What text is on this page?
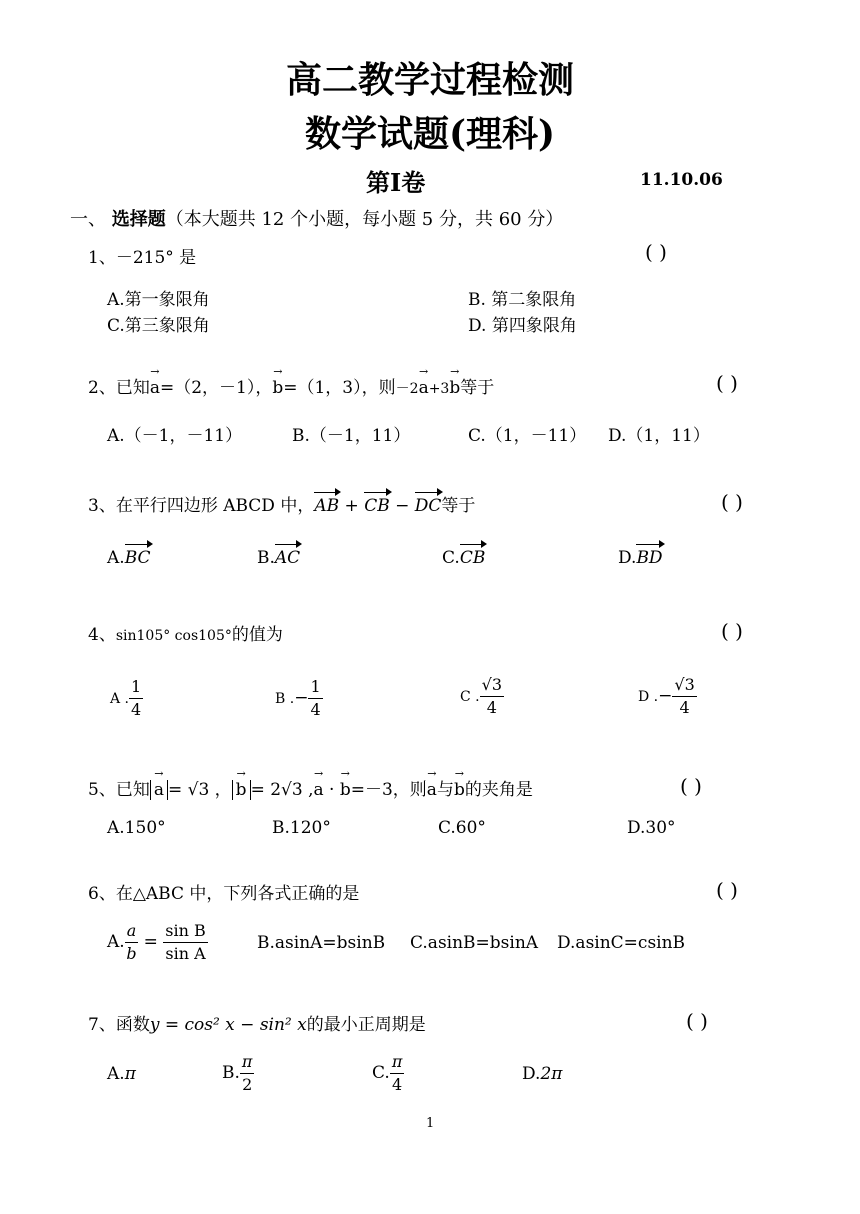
高二教学过程检测
数学试题(理科)
第I卷	11.10.06
一、 选择题（本大题共 12 个小题，每小题 5 分，共 60 分）
1、－215° 是	( )
A.第一象限角	B. 第二象限角
C.第三象限角	D. 第四象限角
2、已知→ a=（2，－1），→ b=（1，3），则－2→ a+3→ b等于	( )
A.（－1，－11）	B.（－1，11）	C.（1，－11） D.（1，11）
3、在平行四边形 ABCD 中，AB + CB − DC等于	( )
A.BC	B.AC	C.CB	D.BD
4、sin105° cos105°的值为	( )
A . $\frac{1}{4}$	B .− $\frac{1}{4}$	C . $\frac{√3}{4}$	D .− $\frac{√3}{4}$
5、已知 → a = √3 ， → b = 2√3 ,→ a · → b=－3，则→ a与→ b的夹角是	( )
A.150°	B.120°	C.60°	D.30°
6、在△ABC 中，下列各式正确的是	( )
A. $\frac{a}{b} = \frac{\text{sin B}}{\text{sin A}}$	B.asinA=bsinB C.asinB=bsinA D.asinC=csinB
7、函数y = cos² x − sin² x的最小正周期是	( )
A.π	B. $\frac{\pi}{2}$	C. $\frac{\pi}{4}$	D.2π
1
